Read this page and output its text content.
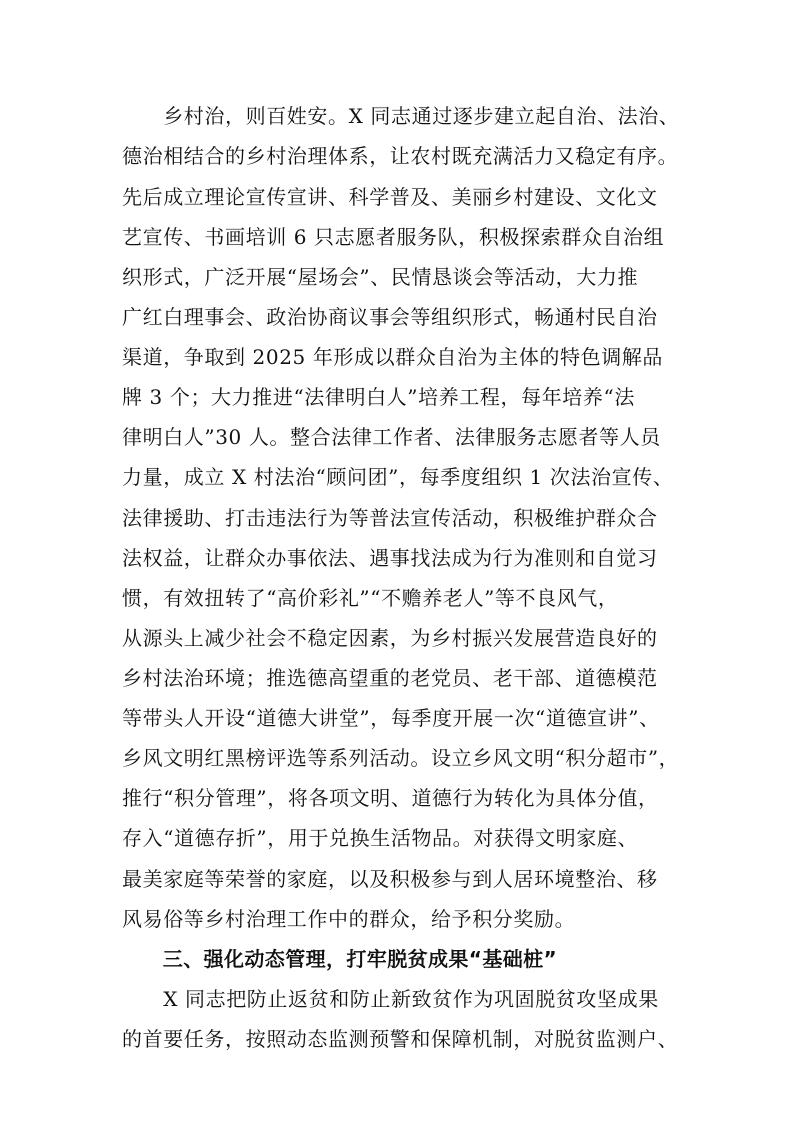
　　乡村治，则百姓安。X 同志通过逐步建立起自治、法治、
德治相结合的乡村治理体系，让农村既充满活力又稳定有序。
先后成立理论宣传宣讲、科学普及、美丽乡村建设、文化文
艺宣传、书画培训 6 只志愿者服务队，积极探索群众自治组
织形式，广泛开展“屋场会”、民情恳谈会等活动，大力推
广红白理事会、政治协商议事会等组织形式，畅通村民自治
渠道，争取到 2025 年形成以群众自治为主体的特色调解品
牌 3 个；大力推进“法律明白人”培养工程，每年培养“法
律明白人”30 人。整合法律工作者、法律服务志愿者等人员
力量，成立 X 村法治“顾问团”，每季度组织 1 次法治宣传、
法律援助、打击违法行为等普法宣传活动，积极维护群众合
法权益，让群众办事依法、遇事找法成为行为准则和自觉习
惯，有效扭转了“高价彩礼”“不赡养老人”等不良风气，
从源头上减少社会不稳定因素，为乡村振兴发展营造良好的
乡村法治环境；推选德高望重的老党员、老干部、道德模范
等带头人开设“道德大讲堂”，每季度开展一次“道德宣讲”、
乡风文明红黑榜评选等系列活动。设立乡风文明“积分超市”，
推行“积分管理”，将各项文明、道德行为转化为具体分值，
存入“道德存折”，用于兑换生活物品。对获得文明家庭、
最美家庭等荣誉的家庭，以及积极参与到人居环境整治、移
风易俗等乡村治理工作中的群众，给予积分奖励。
　　三、强化动态管理，打牢脱贫成果“基础桩”
　　X 同志把防止返贫和防止新致贫作为巩固脱贫攻坚成果
的首要任务，按照动态监测预警和保障机制，对脱贫监测户、
